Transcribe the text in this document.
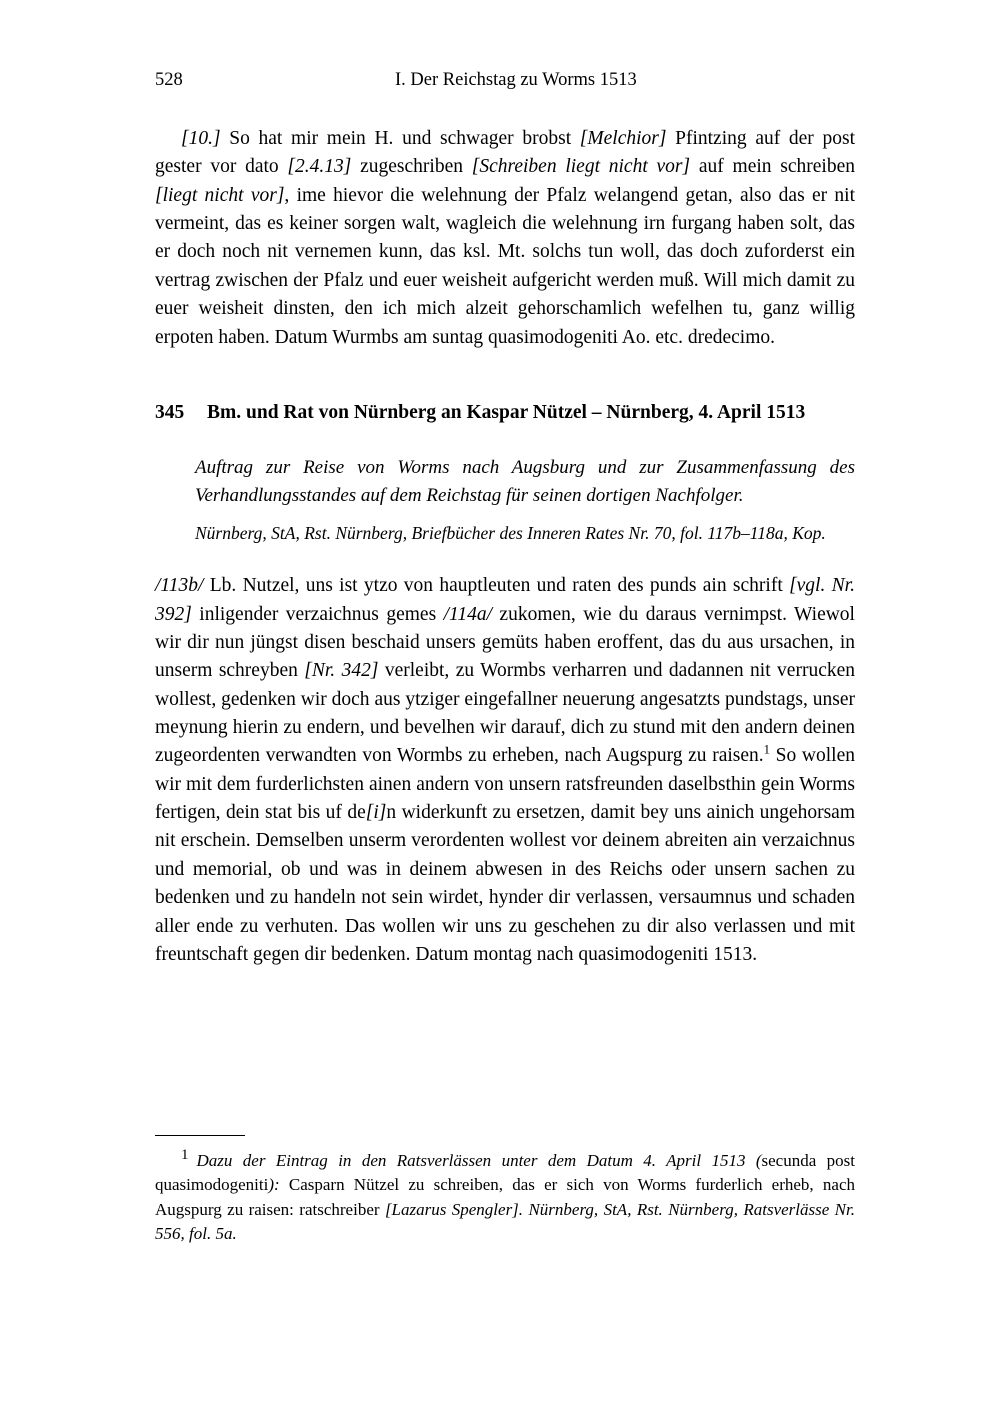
528	I. Der Reichstag zu Worms 1513

[10.] So hat mir mein H. und schwager brobst [Melchior] Pfintzing auf der post gester vor dato [2.4.13] zugeschriben [Schreiben liegt nicht vor] auf mein schreiben [liegt nicht vor], ime hievor die welehnung der Pfalz welangend getan, also das er nit vermeint, das es keiner sorgen walt, wagleich die welehnung irn furgang haben solt, das er doch noch nit vernemen kunn, das ksl. Mt. solchs tun woll, das doch zuforderst ein vertrag zwischen der Pfalz und euer weisheit aufgericht werden muß. Will mich damit zu euer weisheit dinsten, den ich mich alzeit gehorschamlich wefelhen tu, ganz willig erpoten haben. Datum Wurmbs am suntag quasimodogeniti Ao. etc. dredecimo.

345	Bm. und Rat von Nürnberg an Kaspar Nützel – Nürnberg, 4. April 1513
Auftrag zur Reise von Worms nach Augsburg und zur Zusammenfassung des Verhandlungsstandes auf dem Reichstag für seinen dortigen Nachfolger.
Nürnberg, StA, Rst. Nürnberg, Briefbücher des Inneren Rates Nr. 70, fol. 117b–118a, Kop.

/113b/ Lb. Nutzel, uns ist ytzo von hauptleuten und raten des punds ain schrift [vgl. Nr. 392] inligender verzaichnus gemes /114a/ zukomen, wie du daraus vernimpst. Wiewol wir dir nun jüngst disen beschaid unsers gemüts haben eroffent, das du aus ursachen, in unserm schreyben [Nr. 342] verleibt, zu Wormbs verharren und dadannen nit verrucken wollest, gedenken wir doch aus ytziger eingefallner neuerung angesatzts pundstags, unser meynung hierin zu endern, und bevelhen wir darauf, dich zu stund mit den andern deinen zugeordenten verwandten von Wormbs zu erheben, nach Augspurg zu raisen.$^1$ So wollen wir mit dem furderlichsten ainen andern von unsern ratsfreunden daselbsthin gein Worms fertigen, dein stat bis uf de[i]n widerkunft zu ersetzen, damit bey uns ainich ungehorsam nit erschein. Demselben unserm verordenten wollest vor deinem abreiten ain verzaichnus und memorial, ob und was in deinem abwesen in des Reichs oder unsern sachen zu bedenken und zu handeln not sein wirdet, hynder dir verlassen, versaumnus und schaden aller ende zu verhuten. Das wollen wir uns zu geschehen zu dir also verlassen und mit freuntschaft gegen dir bedenken. Datum montag nach quasimodogeniti 1513.

1 Dazu der Eintrag in den Ratsverlässen unter dem Datum 4. April 1513 (secunda post quasimodogeniti): Casparn Nützel zu schreiben, das er sich von Worms furderlich erheb, nach Augspurg zu raisen: ratschreiber [Lazarus Spengler]. Nürnberg, StA, Rst. Nürnberg, Ratsverlässe Nr. 556, fol. 5a.
